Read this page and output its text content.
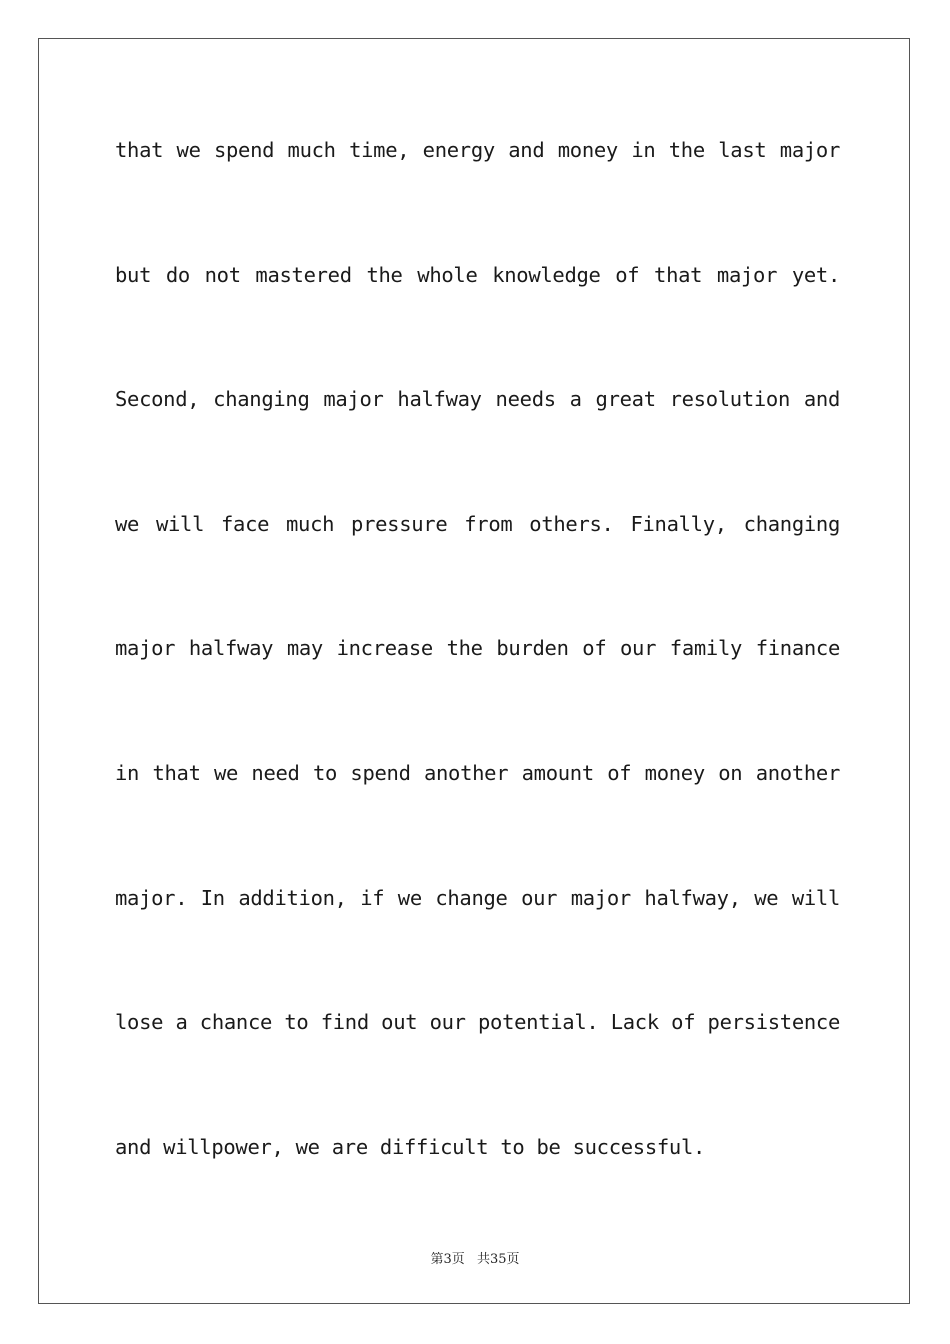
that we spend much time, energy and money in the last major
but do not mastered the whole knowledge of that major yet.
Second, changing major halfway needs a great resolution and
we will face much pressure from others. Finally, changing
major halfway may increase the burden of our family finance
in that we need to spend another amount of money on another
major. In addition, if we change our major halfway, we will
lose a chance to find out our potential. Lack of persistence
and willpower, we are difficult to be successful.
第3页 共35页
